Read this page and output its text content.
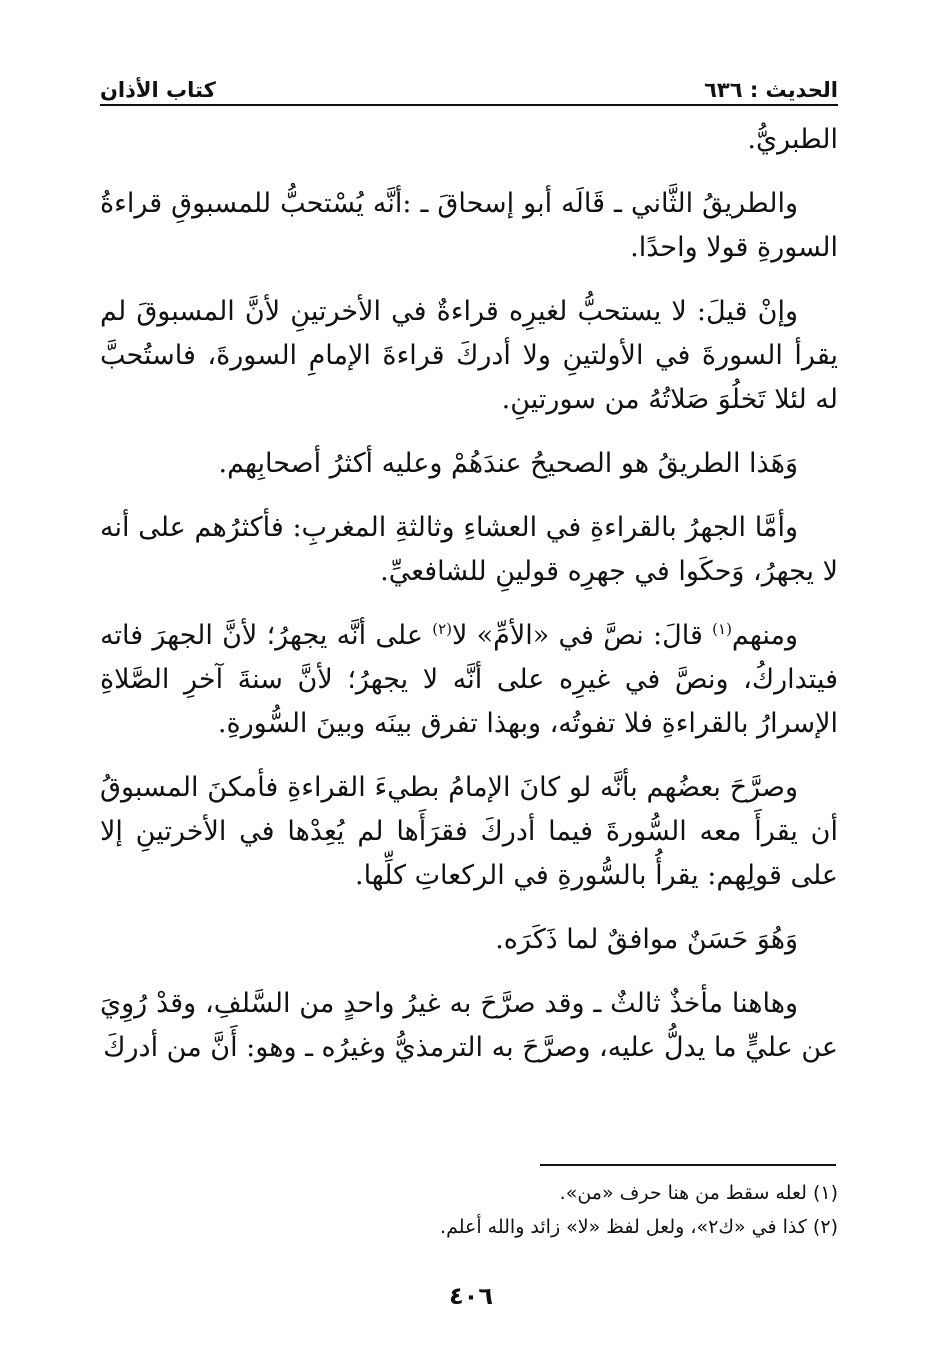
الحديث : ٦٣٦
كتاب الأذان

الطبريُّ.

والطريقُ الثَّاني ـ قَالَه أبو إسحاقَ ـ :أنَّه يُسْتحبُّ للمسبوقِ قراءةُ السورةِ قولا واحدًا.

وإنْ قيلَ: لا يستحبُّ لغيرِه قراءةٌ في الأخرتينِ لأنَّ المسبوقَ لم يقرأ السورةَ في الأولتينِ ولا أدركَ قراءةَ الإمامِ السورةَ، فاستُحبَّ له لئلا تَخلُوَ صَلاتُهُ من سورتينِ.

وَهَذا الطريقُ هو الصحيحُ عندَهُمْ وعليه أكثرُ أصحابِهم.

وأمَّا الجهرُ بالقراءةِ في العشاءِ وثالثةِ المغربِ: فأكثرُهم على أنه لا يجهرُ، وَحكَوا في جهرِه قولينِ للشافعيِّ.

ومنهم$^{(١)}$ قالَ: نصَّ في «الأمِّ» لا$^{(٢)}$ على أنَّه يجهرُ؛ لأنَّ الجهرَ فاته فيتداركُ، ونصَّ في غيرِه على أنَّه لا يجهرُ؛ لأنَّ سنةَ آخرِ الصَّلاةِ الإسرارُ بالقراءةِ فلا تفوتُه، وبهذا تفرق بينَه وبينَ السُّورةِ.

وصرَّحَ بعضُهم بأنَّه لو كانَ الإمامُ بطيءَ القراءةِ فأمكنَ المسبوقُ أن يقرأَ معه السُّورةَ فيما أدركَ فقرَأَها لم يُعِدْها في الأخرتينِ إلا على قولِهم: يقرأُ بالسُّورةِ في الركعاتِ كلِّها.

وَهُوَ حَسَنٌ موافقٌ لما ذَكَرَه.

وهاهنا مأخذٌ ثالثٌ ـ وقد صرَّحَ به غيرُ واحدٍ من السَّلفِ، وقدْ رُوِيَ عن عليٍّ ما يدلُّ عليه، وصرَّحَ به الترمذيُّ وغيرُه ـ وهو: أَنَّ من أدركَ

(١) لعله سقط من هنا حرف «من».
(٢) كذا في «ك٢»، ولعل لفظ «لا» زائد والله أعلم.
٤٠٦
